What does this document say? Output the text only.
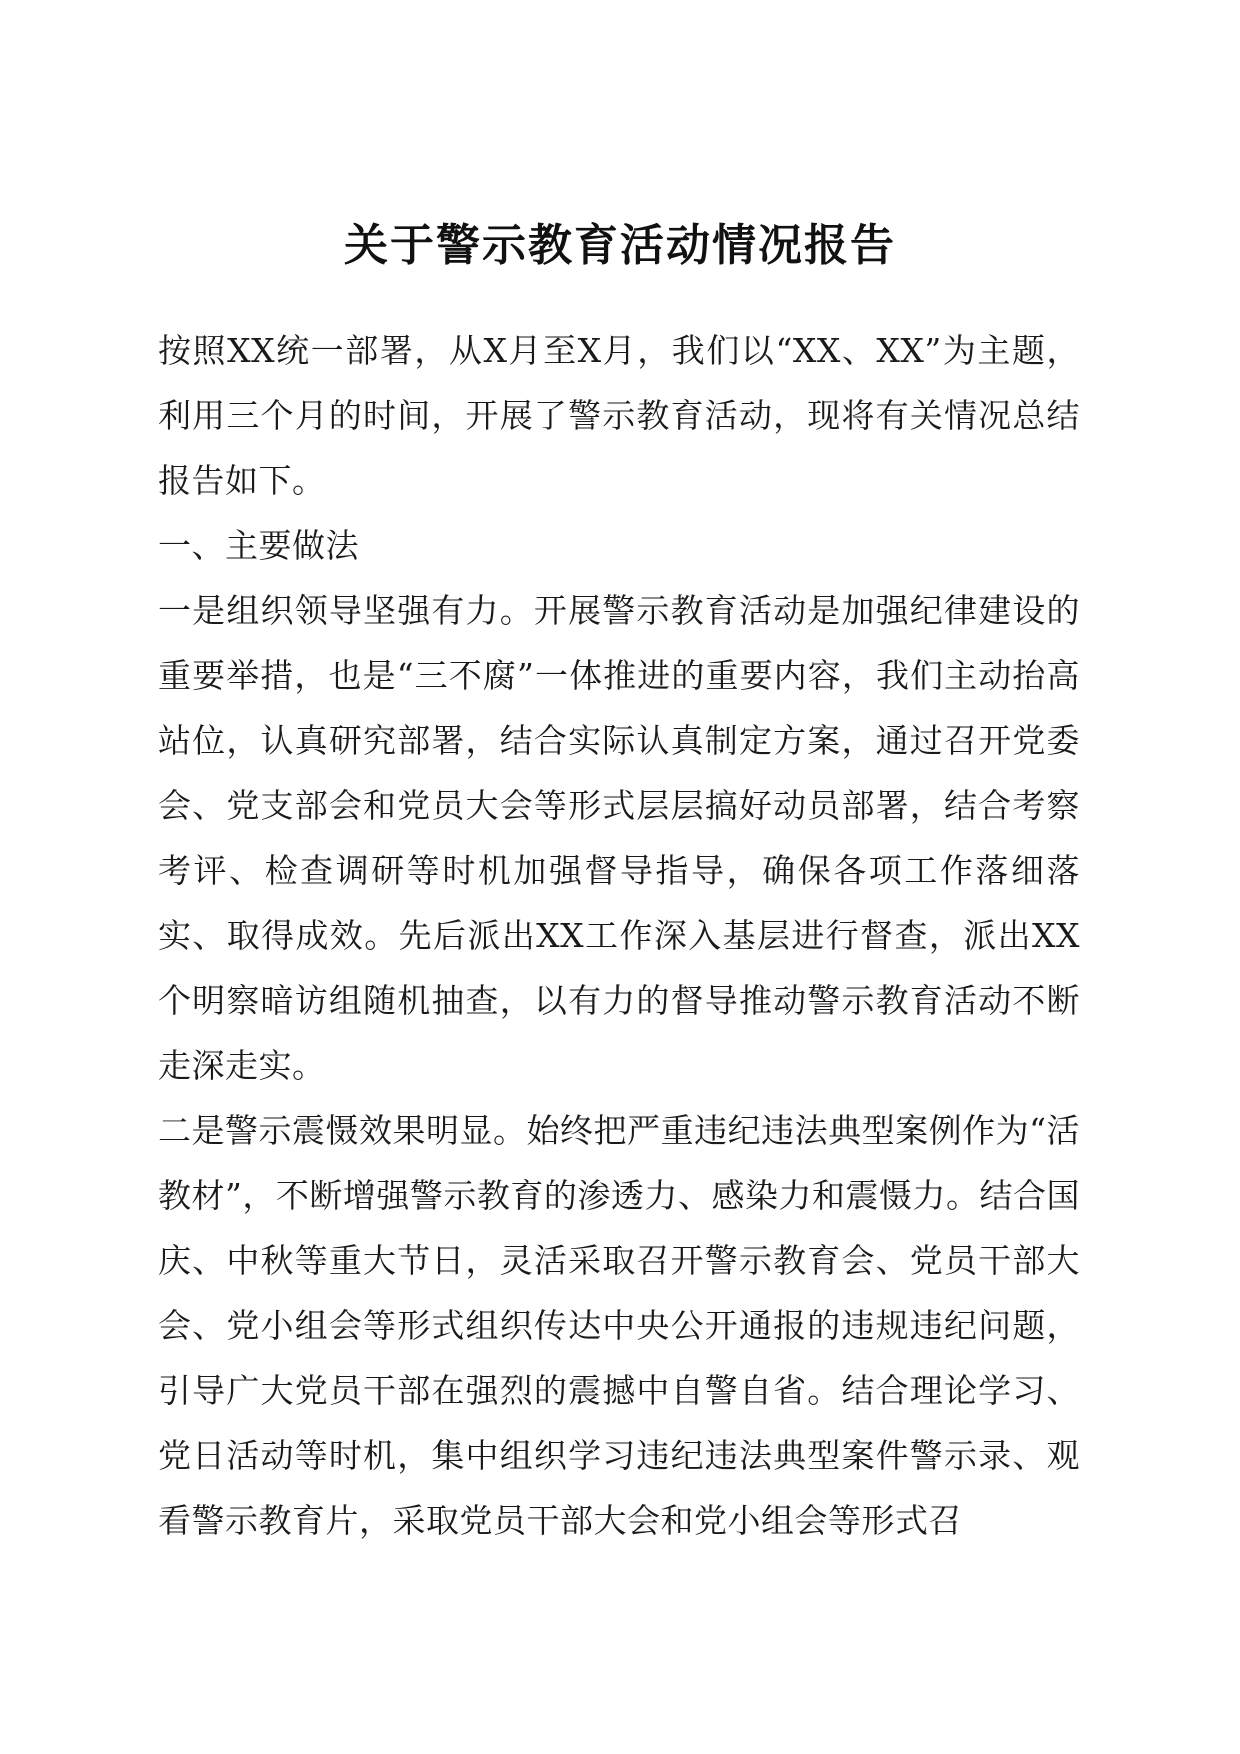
关于警示教育活动情况报告

按照XX统一部署，从X月至X月，我们以“XX、XX”为主题，利用三个月的时间，开展了警示教育活动，现将有关情况总结报告如下。

一、主要做法

一是组织领导坚强有力。开展警示教育活动是加强纪律建设的重要举措，也是“三不腐”一体推进的重要内容，我们主动抬高站位，认真研究部署，结合实际认真制定方案，通过召开党委会、党支部会和党员大会等形式层层搞好动员部署，结合考察考评、检查调研等时机加强督导指导，确保各项工作落细落实、取得成效。先后派出XX工作深入基层进行督查，派出XX个明察暗访组随机抽查，以有力的督导推动警示教育活动不断走深走实。

二是警示震慑效果明显。始终把严重违纪违法典型案例作为“活教材”，不断增强警示教育的渗透力、感染力和震慑力。结合国庆、中秋等重大节日，灵活采取召开警示教育会、党员干部大会、党小组会等形式组织传达中央公开通报的违规违纪问题，引导广大党员干部在强烈的震撼中自警自省。结合理论学习、党日活动等时机，集中组织学习违纪违法典型案件警示录、观看警示教育片，采取党员干部大会和党小组会等形式召
